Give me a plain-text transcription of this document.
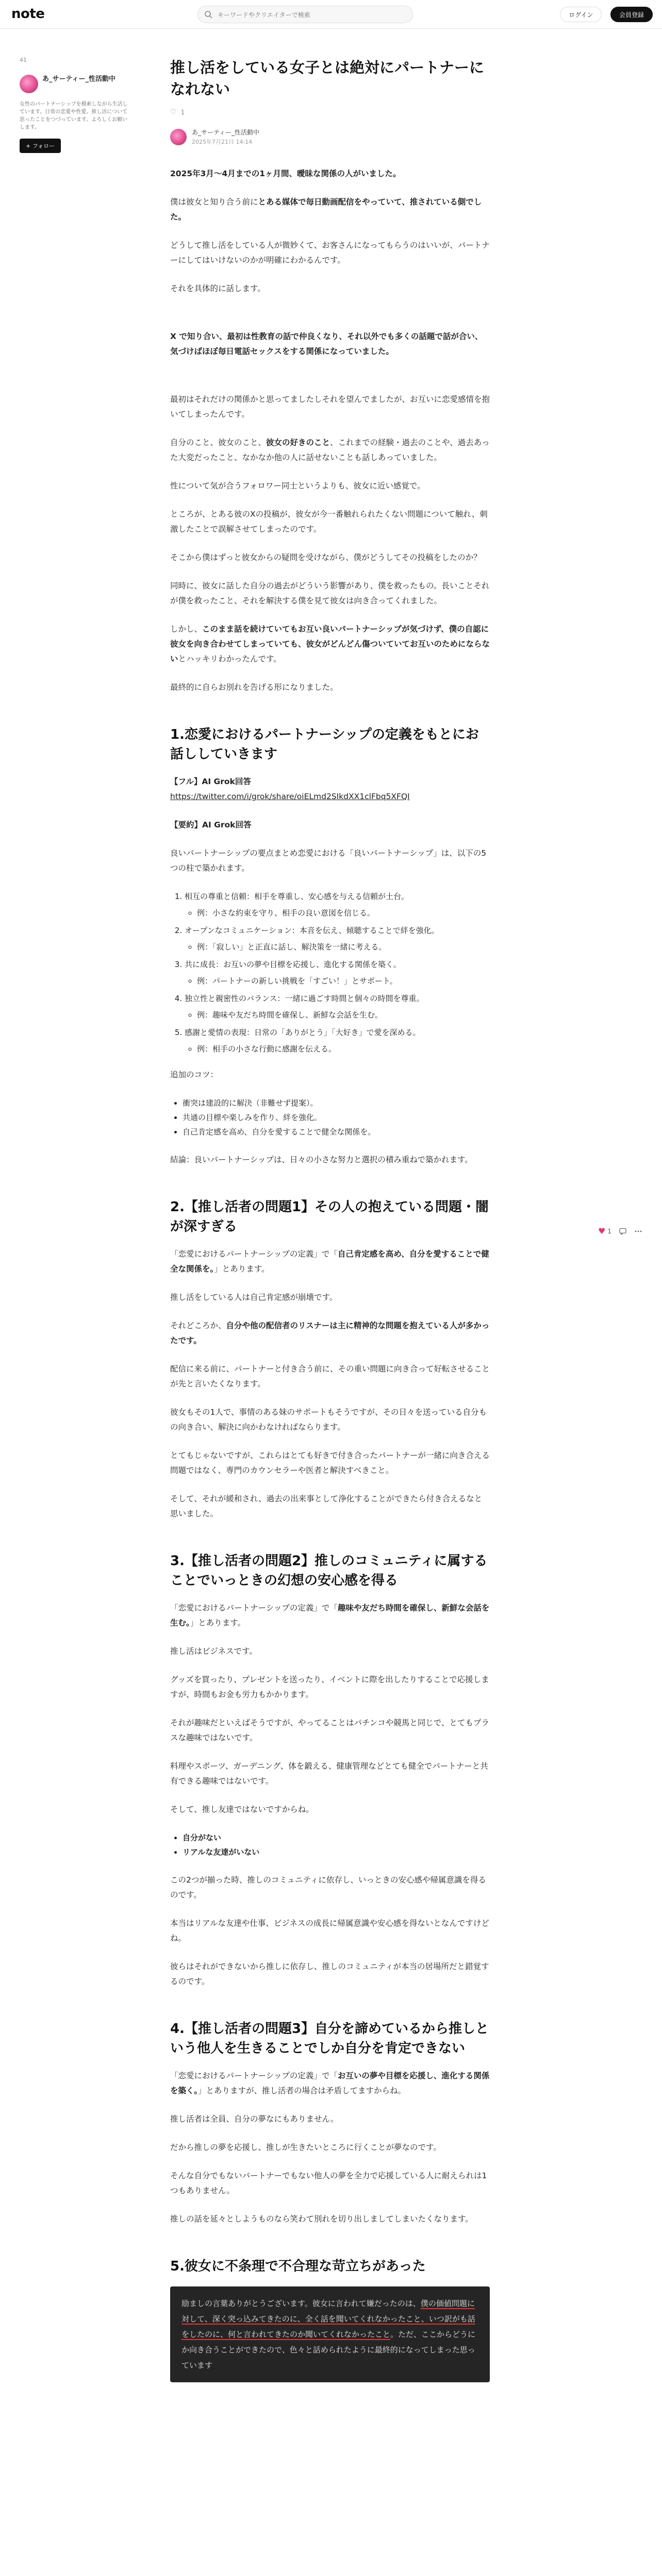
note
キーワードやクリエイターで検索	ログイン	会員登録
41
あ_サーティー_性活動中
女性のパートナーシップを模索しながら生活しています。日常の恋愛や性愛、推し活について思ったことをつづっています。よろしくお願いします。
+ フォロー
推し活をしている女子とは絶対にパートナーになれない
♡ 1
あ_サーティー_性活動中
2025年7月21日 14:14

2025年3月〜4月までの1ヶ月間、曖昧な関係の人がいました。

僕は彼女と知り合う前にとある媒体で毎日動画配信をやっていて、推されている側でした。

どうして推し活をしている人が微妙くて、お客さんになってもらうのはいいが、パートナーにしてはいけないのかが明確にわかるんです。

それを具体的に話します。

X で知り合い、最初は性教育の話で仲良くなり、それ以外でも多くの話題で話が合い、気づけばほぼ毎日電話セックスをする関係になっていました。

最初はそれだけの関係かと思ってましたしそれを望んでましたが、お互いに恋愛感情を抱いてしまったんです。

自分のこと、彼女のこと、彼女の好きのこと、これまでの経験・過去のことや、過去あった大変だったこと、なかなか他の人に話せないことも話しあっていました。

性について気が合うフォロワー同士というよりも、彼女に近い感覚で。

ところが、とある彼のXの投稿が、彼女が今一番触れられたくない問題について触れ、刺激したことで誤解させてしまったのです。

そこから僕はずっと彼女からの疑問を受けながら、僕がどうしてその投稿をしたのか？

同時に、彼女に話した自分の過去がどういう影響があり、僕を救ったもの。長いことそれが僕を救ったこと、それを解決する僕を見て彼女は向き合ってくれました。

しかし、このまま話を続けていてもお互い良いパートナーシップが気づけず、僕の自認に彼女を向き合わせてしまっていても、彼女がどんどん傷ついていてお互いのためにならないとハッキリわかったんです。

最終的に自らお別れを告げる形になりました。

1.恋愛におけるパートナーシップの定義をもとにお話ししていきます

【フル】AI Grok回答
https://twitter.com/i/grok/share/oiELmd2SIkdXX1clFbq5XFQI

【要約】AI Grok回答

良いパートナーシップの要点まとめ恋愛における「良いパートナーシップ」は、以下の5つの柱で築かれます。

1. 相互の尊重と信頼：相手を尊重し、安心感を与える信頼が土台。
◦ 例：小さな約束を守り、相手の良い意図を信じる。
2. オープンなコミュニケーション：本音を伝え、傾聴することで絆を強化。
◦ 例：「寂しい」と正直に話し、解決策を一緒に考える。
3. 共に成長：お互いの夢や目標を応援し、進化する関係を築く。
◦ 例：パートナーの新しい挑戦を「すごい！」とサポート。
4. 独立性と親密性のバランス：一緒に過ごす時間と個々の時間を尊重。
◦ 例：趣味や友だち時間を確保し、新鮮な会話を生む。
5. 感謝と愛情の表現：日常の「ありがとう」「大好き」で愛を深める。
◦ 例：相手の小さな行動に感謝を伝える。

追加のコツ：

• 衝突は建設的に解決（非難せず提案）。
• 共通の目標や楽しみを作り、絆を強化。
• 自己肯定感を高め、自分を愛することで健全な関係を。

結論：良いパートナーシップは、日々の小さな努力と選択の積み重ねで築かれます。

2.【推し活者の問題1】その人の抱えている問題・闇が深すぎる

「恋愛におけるパートナーシップの定義」で「自己肯定感を高め、自分を愛することで健全な関係を。」とあります。

推し活をしている人は自己肯定感が崩壊です。

それどころか、自分や他の配信者のリスナーは主に精神的な問題を抱えている人が多かったです。

配信に来る前に、パートナーと付き合う前に、その重い問題に向き合って好転させることが先と言いたくなります。

彼女もその1人で、事情のある妹のサポートもそうですが、その日々を送っている自分もの向き合い、解決に向かわなければならります。

とてもじゃないですが、これらはとても好きで付き合ったパートナーが一緒に向き合える問題ではなく、専門のカウンセラーや医者と解決すべきこと。

そして、それが緩和され、過去の出来事として浄化することができたら付き合えるなと思いました。

3.【推し活者の問題2】推しのコミュニティに属することでいっときの幻想の安心感を得る

「恋愛におけるパートナーシップの定義」で「趣味や友だち時間を確保し、新鮮な会話を生む。」とあります。

推し活はビジネスです。

グッズを買ったり、プレゼントを送ったり、イベントに際を出したりすることで応援しますが、時間もお金も労力もかかります。

それが趣味だといえばそうですが、やってることはパチンコや競馬と同じで、とてもプラスな趣味ではないです。

料理やスポーツ、ガーデニング、体を鍛える、健康管理などとても健全でパートナーと共有できる趣味ではないです。

そして、推し友達ではないですからね。

• 自分がない
• リアルな友達がいない

この2つが揃った時、推しのコミュニティに依存し、いっときの安心感や帰属意識を得るのです。

本当はリアルな友達や仕事、ビジネスの成長に帰属意識や安心感を得ないとなんですけどね。

彼らはそれができないから推しに依存し、推しのコミュニティが本当の居場所だと錯覚するのです。

4.【推し活者の問題3】自分を諦めているから推しという他人を生きることでしか自分を肯定できない

「恋愛におけるパートナーシップの定義」で「お互いの夢や目標を応援し、進化する関係を築く。」とありますが、推し活者の場合は矛盾してますからね。

推し活者は全員、自分の夢なにもありません。

だから推しの夢を応援し、推しが生きたいところに行くことが夢なのです。

そんな自分でもないパートナーでもない他人の夢を全力で応援している人に耐えられは1つもありません。

推しの話を延々としようものなら笑わて別れを切り出しましてしまいたくなります。

5.彼女に不条理で不合理な苛立ちがあった
励ましの言葉ありがとうございます。彼女に言われて嫌だったのは、僕の価値問題に対して、深く突っ込みてきたのに、全く話を聞いてくれなかったこと、いつ訳がも話をしたのに、何と言われてきたのか聞いてくれなかったこと。ただ、ここからどうにか向き合うことができたので、色々と話められたように最終的になってしまった思っています
♥ 1
